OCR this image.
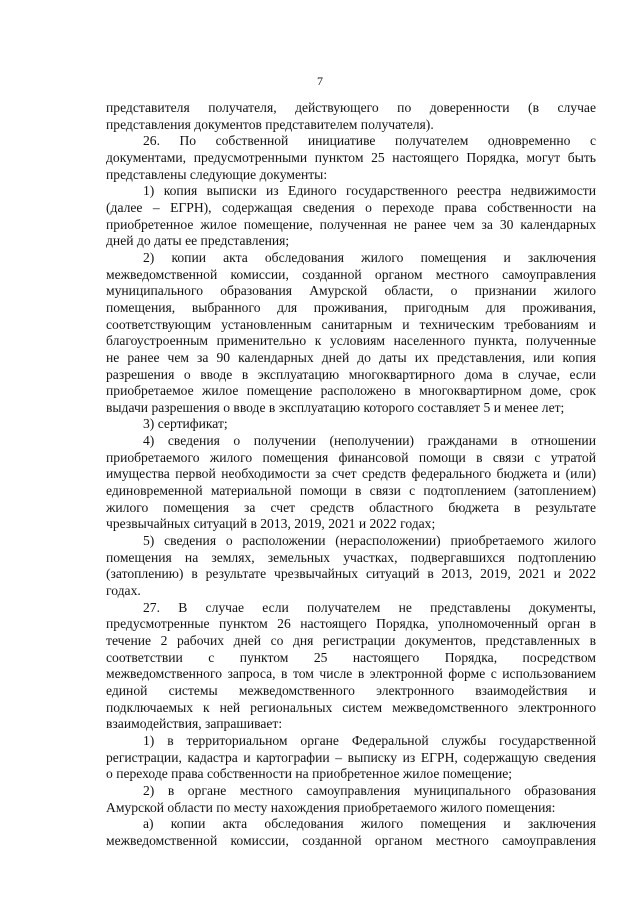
7

представителя получателя, действующего по доверенности (в случае

представления документов представителем получателя).

26. По собственной инициативе получателем одновременно с

документами, предусмотренными пунктом 25 настоящего Порядка, могут быть

представлены следующие документы:

1) копия выписки из Единого государственного реестра недвижимости

(далее – ЕГРН), содержащая сведения о переходе права собственности на

приобретенное жилое помещение, полученная не ранее чем за 30 календарных

дней до даты ее представления;

2) копии акта обследования жилого помещения и заключения

межведомственной комиссии, созданной органом местного самоуправления

муниципального образования Амурской области, о признании жилого

помещения, выбранного для проживания, пригодным для проживания,

соответствующим установленным санитарным и техническим требованиям и

благоустроенным применительно к условиям населенного пункта, полученные

не ранее чем за 90 календарных дней до даты их представления, или копия

разрешения о вводе в эксплуатацию многоквартирного дома в случае, если

приобретаемое жилое помещение расположено в многоквартирном доме, срок

выдачи разрешения о вводе в эксплуатацию которого составляет 5 и менее лет;

3) сертификат;

4) сведения о получении (неполучении) гражданами в отношении

приобретаемого жилого помещения финансовой помощи в связи с утратой

имущества первой необходимости за счет средств федерального бюджета и (или)

единовременной материальной помощи в связи с подтоплением (затоплением)

жилого помещения за счет средств областного бюджета в результате

чрезвычайных ситуаций в 2013, 2019, 2021 и 2022 годах;

5) сведения о расположении (нерасположении) приобретаемого жилого

помещения на землях, земельных участках, подвергавшихся подтоплению

(затоплению) в результате чрезвычайных ситуаций в 2013, 2019, 2021 и 2022

годах.

27. В случае если получателем не представлены документы,

предусмотренные пунктом 26 настоящего Порядка, уполномоченный орган в

течение 2 рабочих дней со дня регистрации документов, представленных в

соответствии с пунктом 25 настоящего Порядка, посредством

межведомственного запроса, в том числе в электронной форме с использованием

единой системы межведомственного электронного взаимодействия и

подключаемых к ней региональных систем межведомственного электронного

взаимодействия, запрашивает:

1) в территориальном органе Федеральной службы государственной

регистрации, кадастра и картографии – выписку из ЕГРН, содержащую сведения

о переходе права собственности на приобретенное жилое помещение;

2) в органе местного самоуправления муниципального образования

Амурской области по месту нахождения приобретаемого жилого помещения:

а) копии акта обследования жилого помещения и заключения

межведомственной комиссии, созданной органом местного самоуправления
